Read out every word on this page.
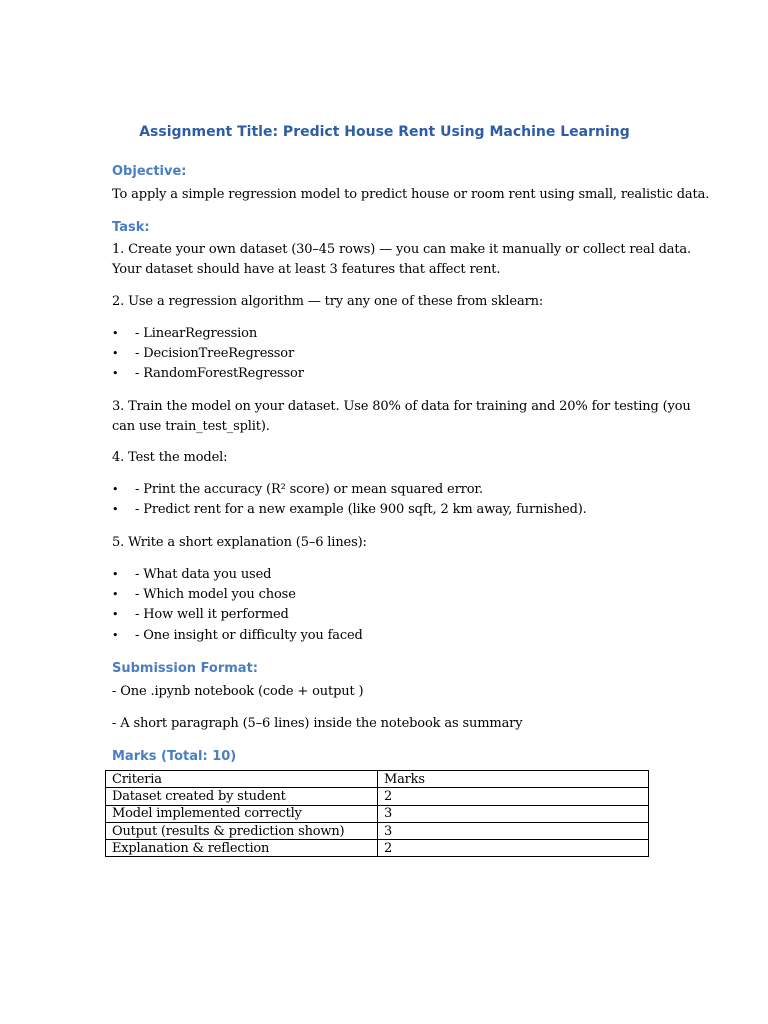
Assignment Title: Predict House Rent Using Machine Learning
Objective:
To apply a simple regression model to predict house or room rent using small, realistic data.
Task:
1. Create your own dataset (30–45 rows) — you can make it manually or collect real data.
Your dataset should have at least 3 features that affect rent.
2. Use a regression algorithm — try any one of these from sklearn:
• - LinearRegression
• - DecisionTreeRegressor
• - RandomForestRegressor
3. Train the model on your dataset. Use 80% of data for training and 20% for testing (you
can use train_test_split).
4. Test the model:
• - Print the accuracy (R² score) or mean squared error.
• - Predict rent for a new example (like 900 sqft, 2 km away, furnished).
5. Write a short explanation (5–6 lines):
• - What data you used
• - Which model you chose
• - How well it performed
• - One insight or difficulty you faced
Submission Format:
- One .ipynb notebook (code + output )
- A short paragraph (5–6 lines) inside the notebook as summary
Marks (Total: 10)
Criteria	Marks
Dataset created by student	2
Model implemented correctly	3
Output (results & prediction shown)	3
Explanation & reflection	2
